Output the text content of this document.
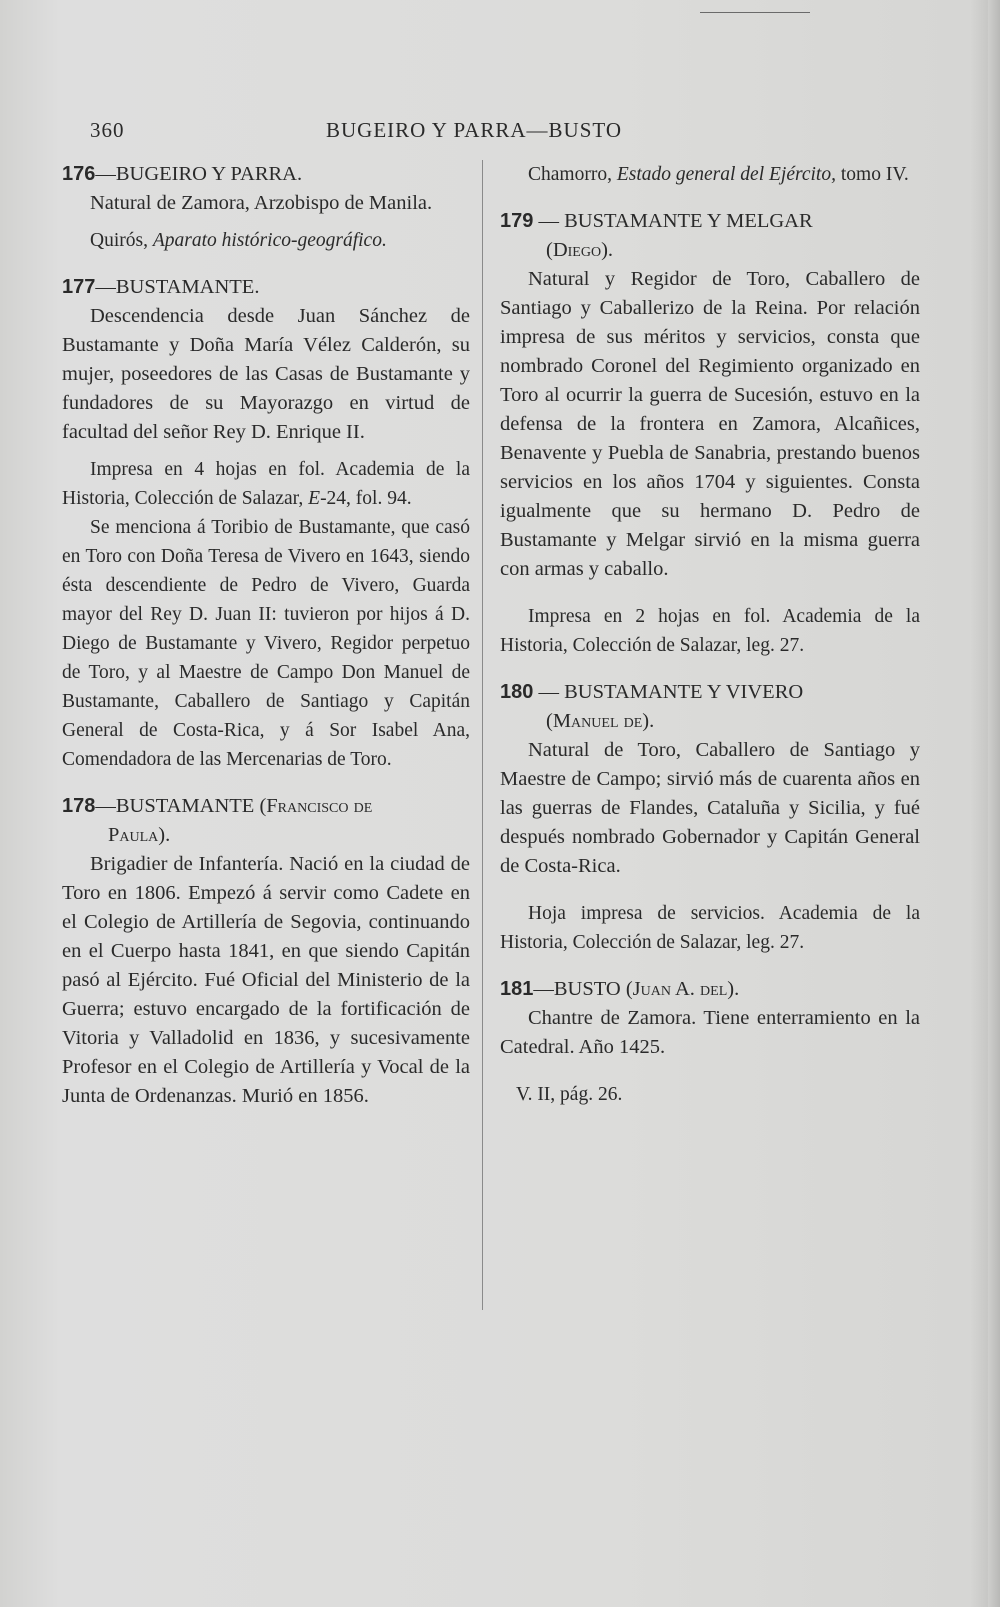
360	BUGEIRO Y PARRA—BUSTO

176—BUGEIRO Y PARRA.

Natural de Zamora, Arzobispo de Manila.

Quirós, Aparato histórico-geográfico.

177—BUSTAMANTE.

Descendencia desde Juan Sánchez de Bustamante y Doña María Vélez Calderón, su mujer, poseedores de las Casas de Bustamante y fundadores de su Mayorazgo en virtud de facultad del señor Rey D. Enrique II.

Impresa en 4 hojas en fol. Academia de la Historia, Colección de Salazar, E-24, fol. 94.

Se menciona á Toribio de Bustamante, que casó en Toro con Doña Teresa de Vivero en 1643, siendo ésta descendiente de Pedro de Vivero, Guarda mayor del Rey D. Juan II: tuvieron por hijos á D. Diego de Bustamante y Vivero, Regidor perpetuo de Toro, y al Maestre de Campo Don Manuel de Bustamante, Caballero de Santiago y Capitán General de Costa-Rica, y á Sor Isabel Ana, Comendadora de las Mercenarias de Toro.

178—BUSTAMANTE (Francisco de

Paula).

Brigadier de Infantería. Nació en la ciudad de Toro en 1806. Empezó á servir como Cadete en el Colegio de Artillería de Segovia, continuando en el Cuerpo hasta 1841, en que siendo Capitán pasó al Ejército. Fué Oficial del Ministerio de la Guerra; estuvo encargado de la fortificación de Vitoria y Valladolid en 1836, y sucesivamente Profesor en el Colegio de Artillería y Vocal de la Junta de Ordenanzas. Murió en 1856.

Chamorro, Estado general del Ejército, tomo IV.

179 — BUSTAMANTE Y MELGAR

(Diego).

Natural y Regidor de Toro, Caballero de Santiago y Caballerizo de la Reina. Por relación impresa de sus méritos y servicios, consta que nombrado Coronel del Regimiento organizado en Toro al ocurrir la guerra de Sucesión, estuvo en la defensa de la frontera en Zamora, Alcañices, Benavente y Puebla de Sanabria, prestando buenos servicios en los años 1704 y siguientes. Consta igualmente que su hermano D. Pedro de Bustamante y Melgar sirvió en la misma guerra con armas y caballo.

Impresa en 2 hojas en fol. Academia de la Historia, Colección de Salazar, leg. 27.

180 — BUSTAMANTE Y VIVERO

(Manuel de).

Natural de Toro, Caballero de Santiago y Maestre de Campo; sirvió más de cuarenta años en las guerras de Flandes, Cataluña y Sicilia, y fué después nombrado Gobernador y Capitán General de Costa-Rica.

Hoja impresa de servicios. Academia de la Historia, Colección de Salazar, leg. 27.

181—BUSTO (Juan A. del).

Chantre de Zamora. Tiene enterramiento en la Catedral. Año 1425.

V. II, pág. 26.
